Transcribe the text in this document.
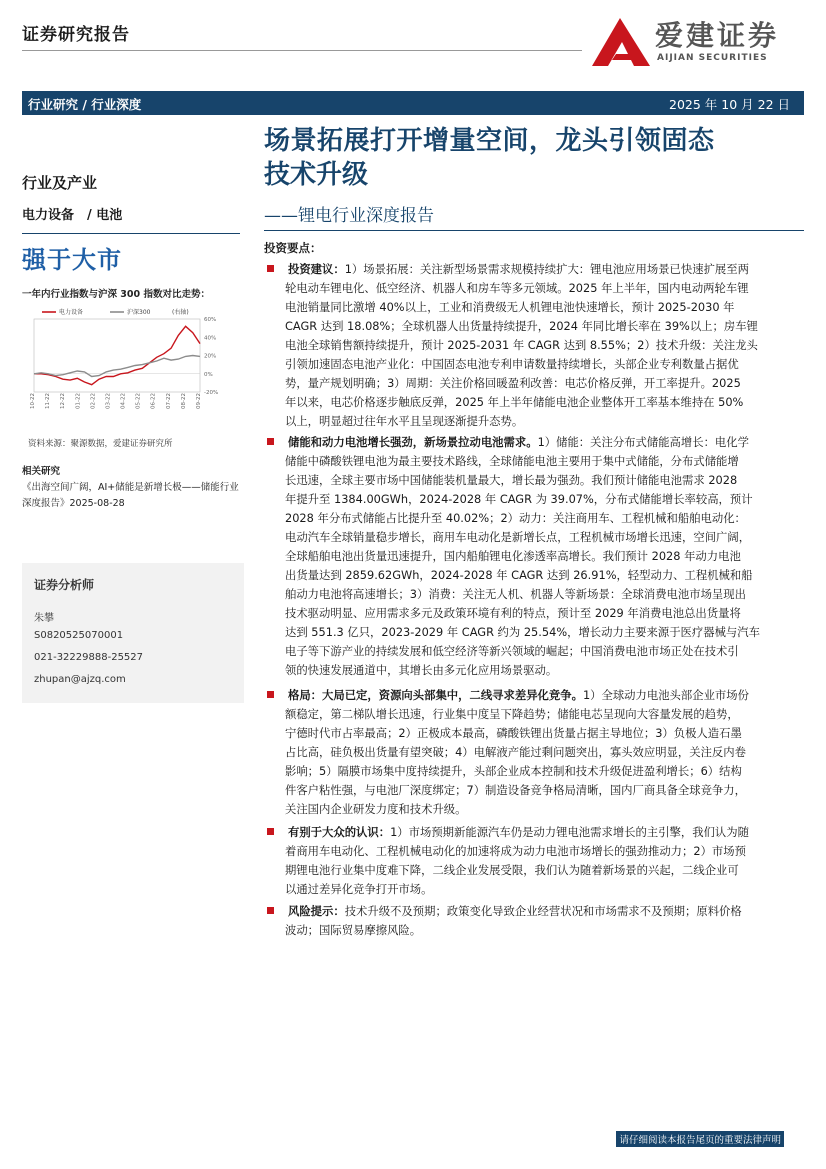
证券研究报告	爱建证券
AIJIAN SECURITIES
行业研究 / 行业深度	2025 年 10 月 22 日
场景拓展打开增量空间，龙头引领固态
技术升级
——锂电行业深度报告
行业及产业
电力设备　/ 电池
强于大市
一年内行业指数与沪深 300 指数对比走势：
60%
40%
20%
0%
-20%
10-22 11-22 12-22 01-22 02-22 03-22 04-22 05-22 06-22 07-22 08-22 09-22
电力设备	沪深300	(右轴)
资料来源：聚源数据，爱建证券研究所
相关研究
《出海空间广阔，AI+储能是新增长极——储能行业深度报告》2025-08-28
证券分析师
朱攀
S0820525070001
021-32229888-25527
zhupan@ajzq.com
投资要点：
投资建议：1）场景拓展：关注新型场景需求规模持续扩大：锂电池应用场景已快速扩展至两
轮电动车锂电化、低空经济、机器人和房车等多元领域。2025 年上半年，国内电动两轮车锂
电池销量同比激增 40%以上，工业和消费级无人机锂电池快速增长，预计 2025-2030 年
CAGR 达到 18.08%；全球机器人出货量持续提升，2024 年同比增长率在 39%以上；房车锂
电池全球销售额持续提升，预计 2025-2031 年 CAGR 达到 8.55%；2）技术升级：关注龙头
引领加速固态电池产业化：中国固态电池专利申请数量持续增长，头部企业专利数量占据优
势，量产规划明确；3）周期：关注价格回暖盈利改善：电芯价格反弹，开工率提升。2025
年以来，电芯价格逐步触底反弹，2025 年上半年储能电池企业整体开工率基本维持在 50%
以上，明显超过往年水平且呈现逐渐提升态势。
储能和动力电池增长强劲，新场景拉动电池需求。1）储能：关注分布式储能高增长：电化学
储能中磷酸铁锂电池为最主要技术路线，全球储能电池主要用于集中式储能，分布式储能增
长迅速，全球主要市场中国储能装机量最大，增长最为强劲。我们预计储能电池需求 2028
年提升至 1384.00GWh，2024-2028 年 CAGR 为 39.07%，分布式储能增长率较高，预计
2028 年分布式储能占比提升至 40.02%；2）动力：关注商用车、工程机械和船舶电动化：
电动汽车全球销量稳步增长，商用车电动化是新增长点，工程机械市场增长迅速，空间广阔，
全球船舶电池出货量迅速提升，国内船舶锂电化渗透率高增长。我们预计 2028 年动力电池
出货量达到 2859.62GWh，2024-2028 年 CAGR 达到 26.91%，轻型动力、工程机械和船
舶动力电池将高速增长；3）消费：关注无人机、机器人等新场景：全球消费电池市场呈现出
技术驱动明显、应用需求多元及政策环境有利的特点，预计至 2029 年消费电池总出货量将
达到 551.3 亿只，2023-2029 年 CAGR 约为 25.54%，增长动力主要来源于医疗器械与汽车
电子等下游产业的持续发展和低空经济等新兴领域的崛起；中国消费电池市场正处在技术引
领的快速发展通道中，其增长由多元化应用场景驱动。
格局：大局已定，资源向头部集中，二线寻求差异化竞争。1）全球动力电池头部企业市场份
额稳定，第二梯队增长迅速，行业集中度呈下降趋势；储能电芯呈现向大容量发展的趋势，
宁德时代市占率最高；2）正极成本最高，磷酸铁锂出货量占据主导地位；3）负极人造石墨
占比高，硅负极出货量有望突破；4）电解液产能过剩问题突出，寡头效应明显，关注反内卷
影响；5）隔膜市场集中度持续提升，头部企业成本控制和技术升级促进盈利增长；6）结构
件客户粘性强，与电池厂深度绑定；7）制造设备竞争格局清晰，国内厂商具备全球竞争力，
关注国内企业研发力度和技术升级。
有别于大众的认识：1）市场预期新能源汽车仍是动力锂电池需求增长的主引擎，我们认为随
着商用车电动化、工程机械电动化的加速将成为动力电池市场增长的强劲推动力；2）市场预
期锂电池行业集中度难下降，二线企业发展受限，我们认为随着新场景的兴起，二线企业可
以通过差异化竞争打开市场。
风险提示：技术升级不及预期；政策变化导致企业经营状况和市场需求不及预期；原料价格
波动；国际贸易摩擦风险。
请仔细阅读本报告尾页的重要法律声明
